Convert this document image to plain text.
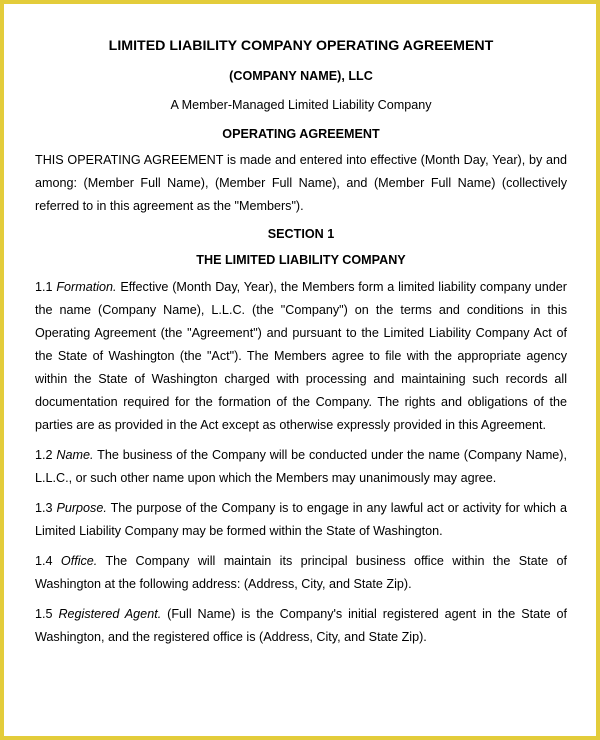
LIMITED LIABILITY COMPANY OPERATING AGREEMENT

(COMPANY NAME), LLC

A Member-Managed Limited Liability Company

OPERATING AGREEMENT

THIS OPERATING AGREEMENT is made and entered into effective (Month Day, Year), by and among: (Member Full Name), (Member Full Name), and (Member Full Name) (collectively referred to in this agreement as the "Members").

SECTION 1

THE LIMITED LIABILITY COMPANY

1.1 Formation. Effective (Month Day, Year), the Members form a limited liability company under the name (Company Name), L.L.C. (the "Company") on the terms and conditions in this Operating Agreement (the "Agreement") and pursuant to the Limited Liability Company Act of the State of Washington (the "Act"). The Members agree to file with the appropriate agency within the State of Washington charged with processing and maintaining such records all documentation required for the formation of the Company. The rights and obligations of the parties are as provided in the Act except as otherwise expressly provided in this Agreement.

1.2 Name. The business of the Company will be conducted under the name (Company Name), L.L.C., or such other name upon which the Members may unanimously may agree.

1.3 Purpose. The purpose of the Company is to engage in any lawful act or activity for which a Limited Liability Company may be formed within the State of Washington.

1.4 Office. The Company will maintain its principal business office within the State of Washington at the following address: (Address, City, and State Zip).

1.5 Registered Agent. (Full Name) is the Company's initial registered agent in the State of Washington, and the registered office is (Address, City, and State Zip).
